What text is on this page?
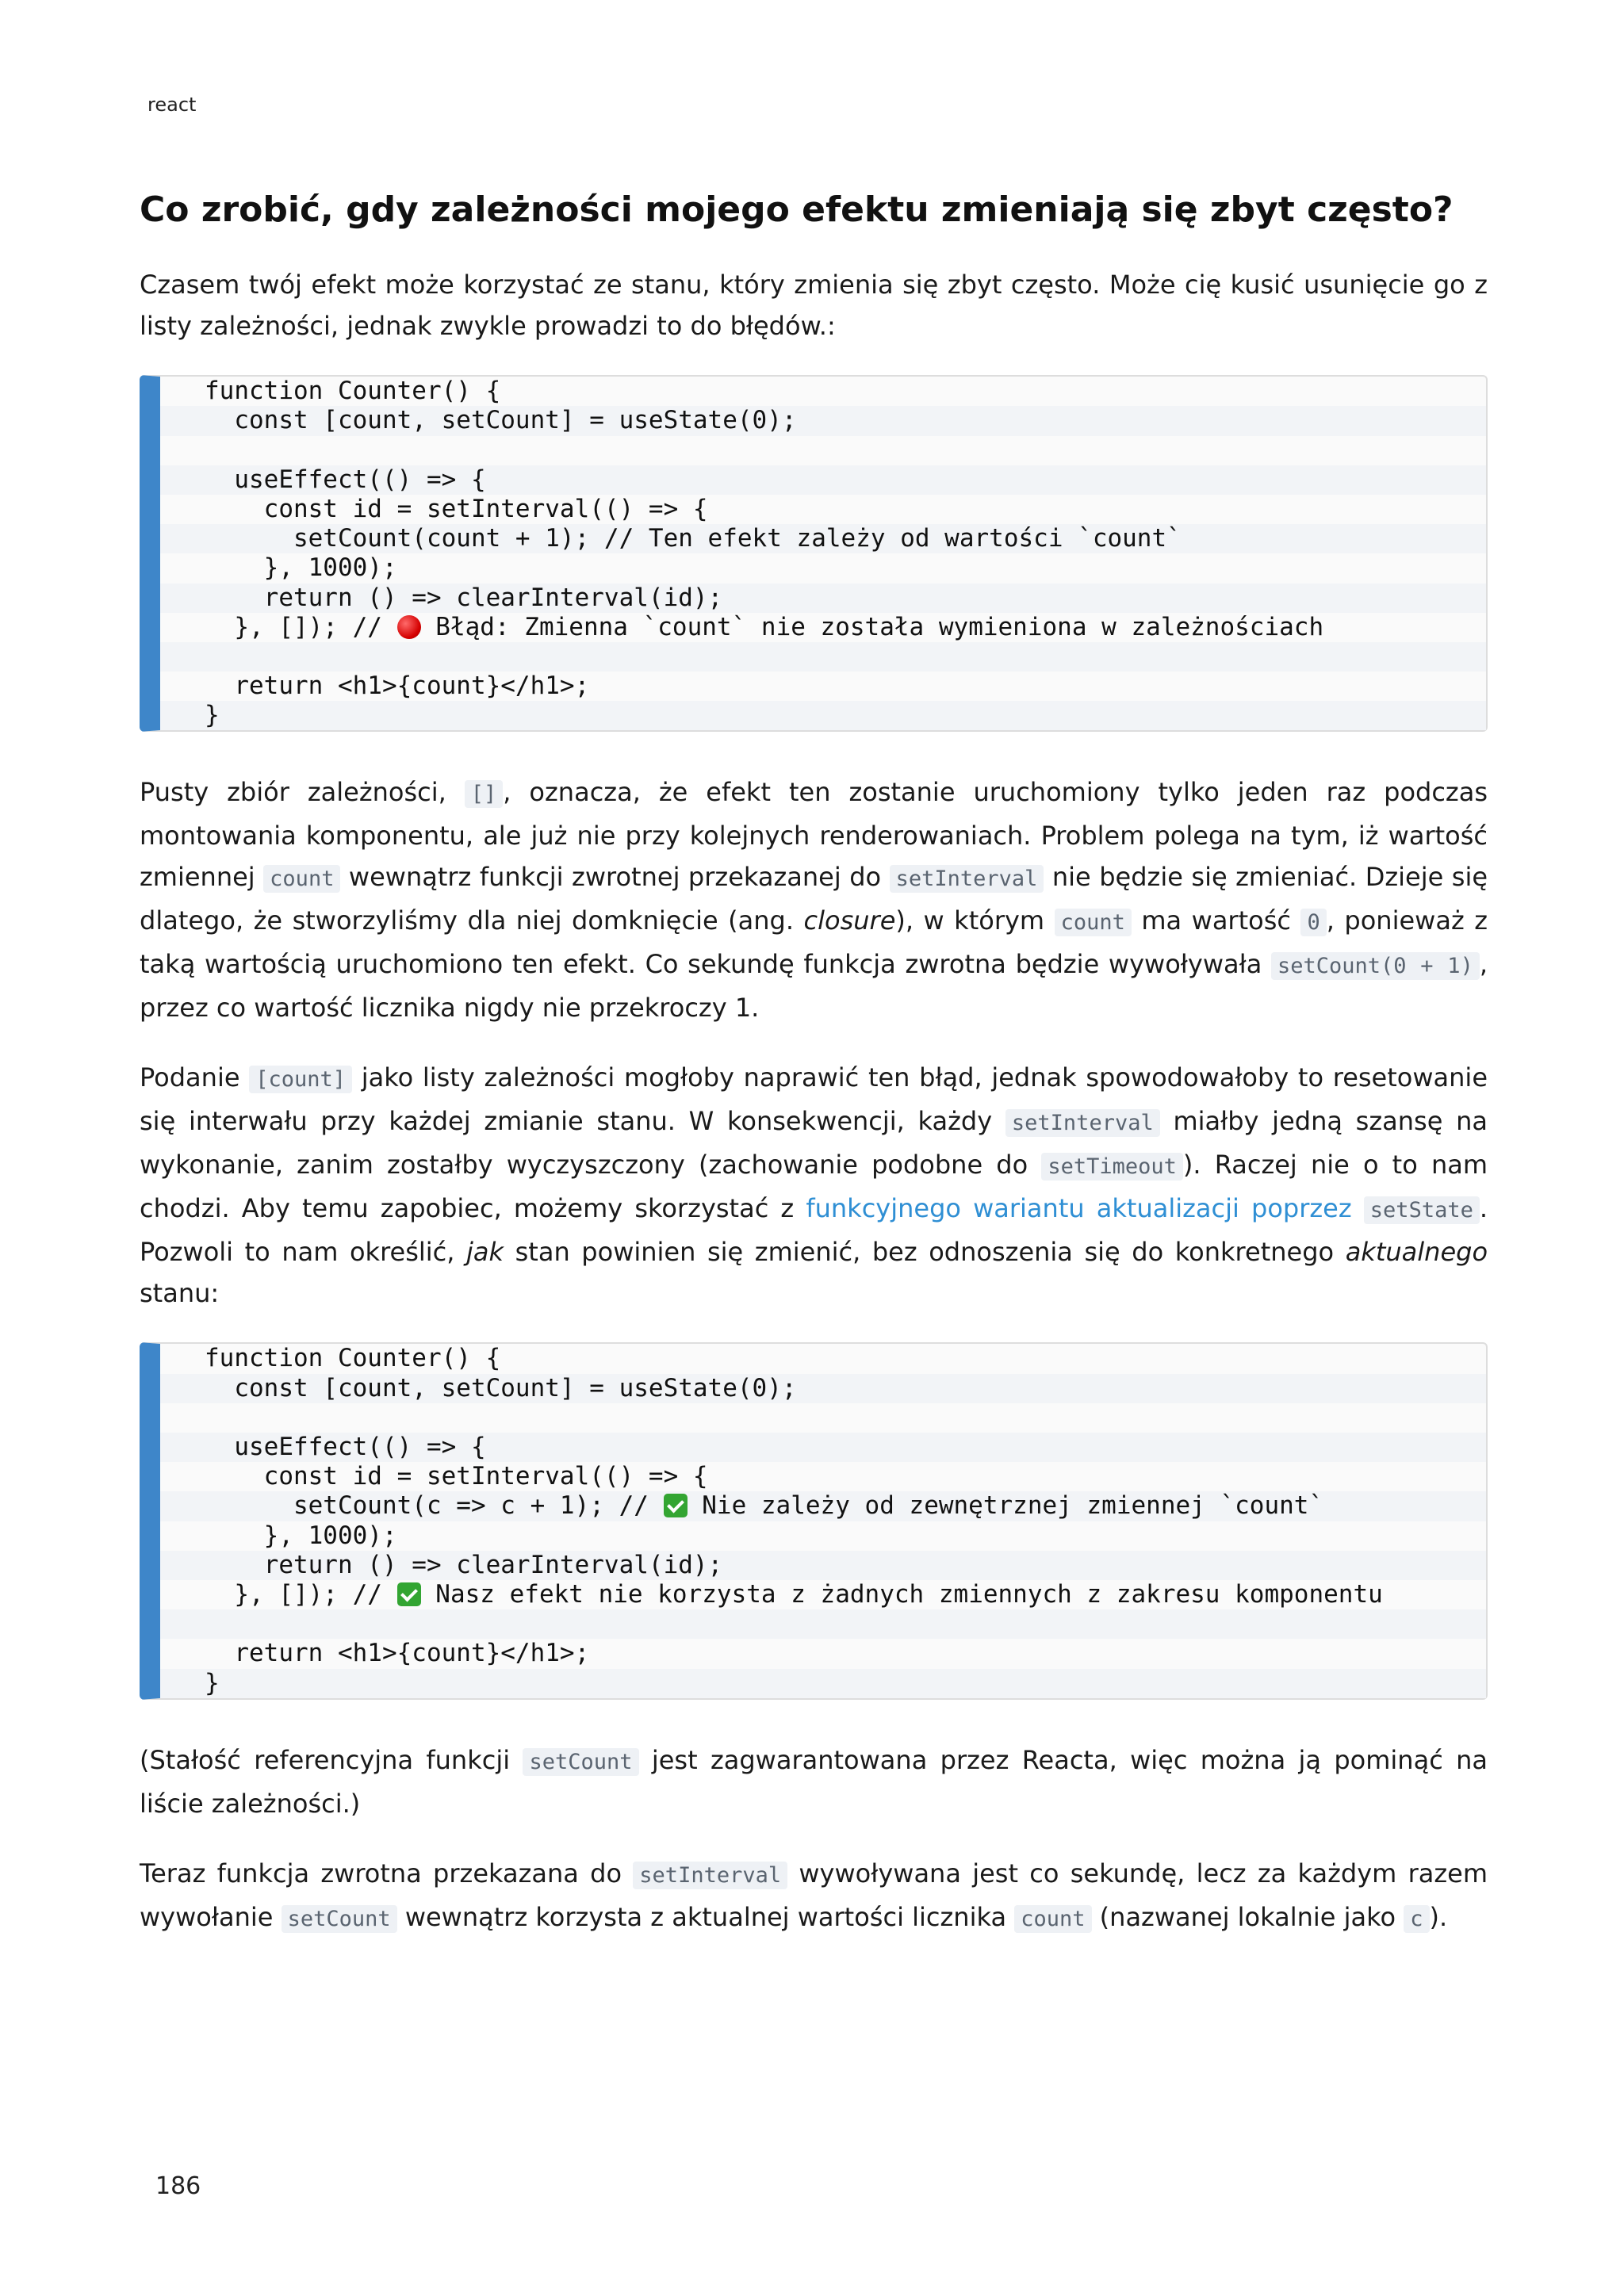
react
Co zrobić, gdy zależności mojego efektu zmieniają się zbyt często?

Czasem twój efekt może korzystać ze stanu, który zmienia się zbyt często. Może cię kusić usunięcie go z listy zależności, jednak zwykle prowadzi to do błędów.:

function Counter() {
const [count, setCount] = useState(0);
useEffect(() => {
const id = setInterval(() => {
setCount(count + 1); // Ten efekt zależy od wartości `count`
}, 1000);
return () => clearInterval(id);
}, []); //  Błąd: Zmienna `count` nie została wymieniona w zależnościach
return <h1>{count}</h1>;
}

Pusty zbiór zależności, [] , oznacza, że efekt ten zostanie uruchomiony tylko jeden raz podczas montowania komponentu, ale już nie przy kolejnych renderowaniach. Problem polega na tym, iż wartość zmiennej count wewnątrz funkcji zwrotnej przekazanej do setInterval nie będzie się zmieniać. Dzieje się dlatego, że stworzyliśmy dla niej domknięcie (ang. closure), w którym count ma wartość 0 , ponieważ z taką wartością uruchomiono ten efekt. Co sekundę funkcja zwrotna będzie wywoływała setCount(0 + 1) , przez co wartość licznika nigdy nie przekroczy 1.

Podanie [count] jako listy zależności mogłoby naprawić ten błąd, jednak spowodowałoby to resetowanie się interwału przy każdej zmianie stanu. W konsekwencji, każdy setInterval miałby jedną szansę na wykonanie, zanim zostałby wyczyszczony (zachowanie podobne do setTimeout ). Raczej nie o to nam chodzi. Aby temu zapobiec, możemy skorzystać z funkcyjnego wariantu aktualizacji poprzez setState . Pozwoli to nam określić, jak stan powinien się zmienić, bez odnoszenia się do konkretnego aktualnego stanu:

function Counter() {
const [count, setCount] = useState(0);
useEffect(() => {
const id = setInterval(() => {
setCount(c => c + 1); //  Nie zależy od zewnętrznej zmiennej `count`
}, 1000);
return () => clearInterval(id);
}, []); //  Nasz efekt nie korzysta z żadnych zmiennych z zakresu komponentu
return <h1>{count}</h1>;
}

(Stałość referencyjna funkcji setCount jest zagwarantowana przez Reacta, więc można ją pominąć na liście zależności.)

Teraz funkcja zwrotna przekazana do setInterval wywoływana jest co sekundę, lecz za każdym razem wywołanie setCount wewnątrz korzysta z aktualnej wartości licznika count (nazwanej lokalnie jako c ).

186
